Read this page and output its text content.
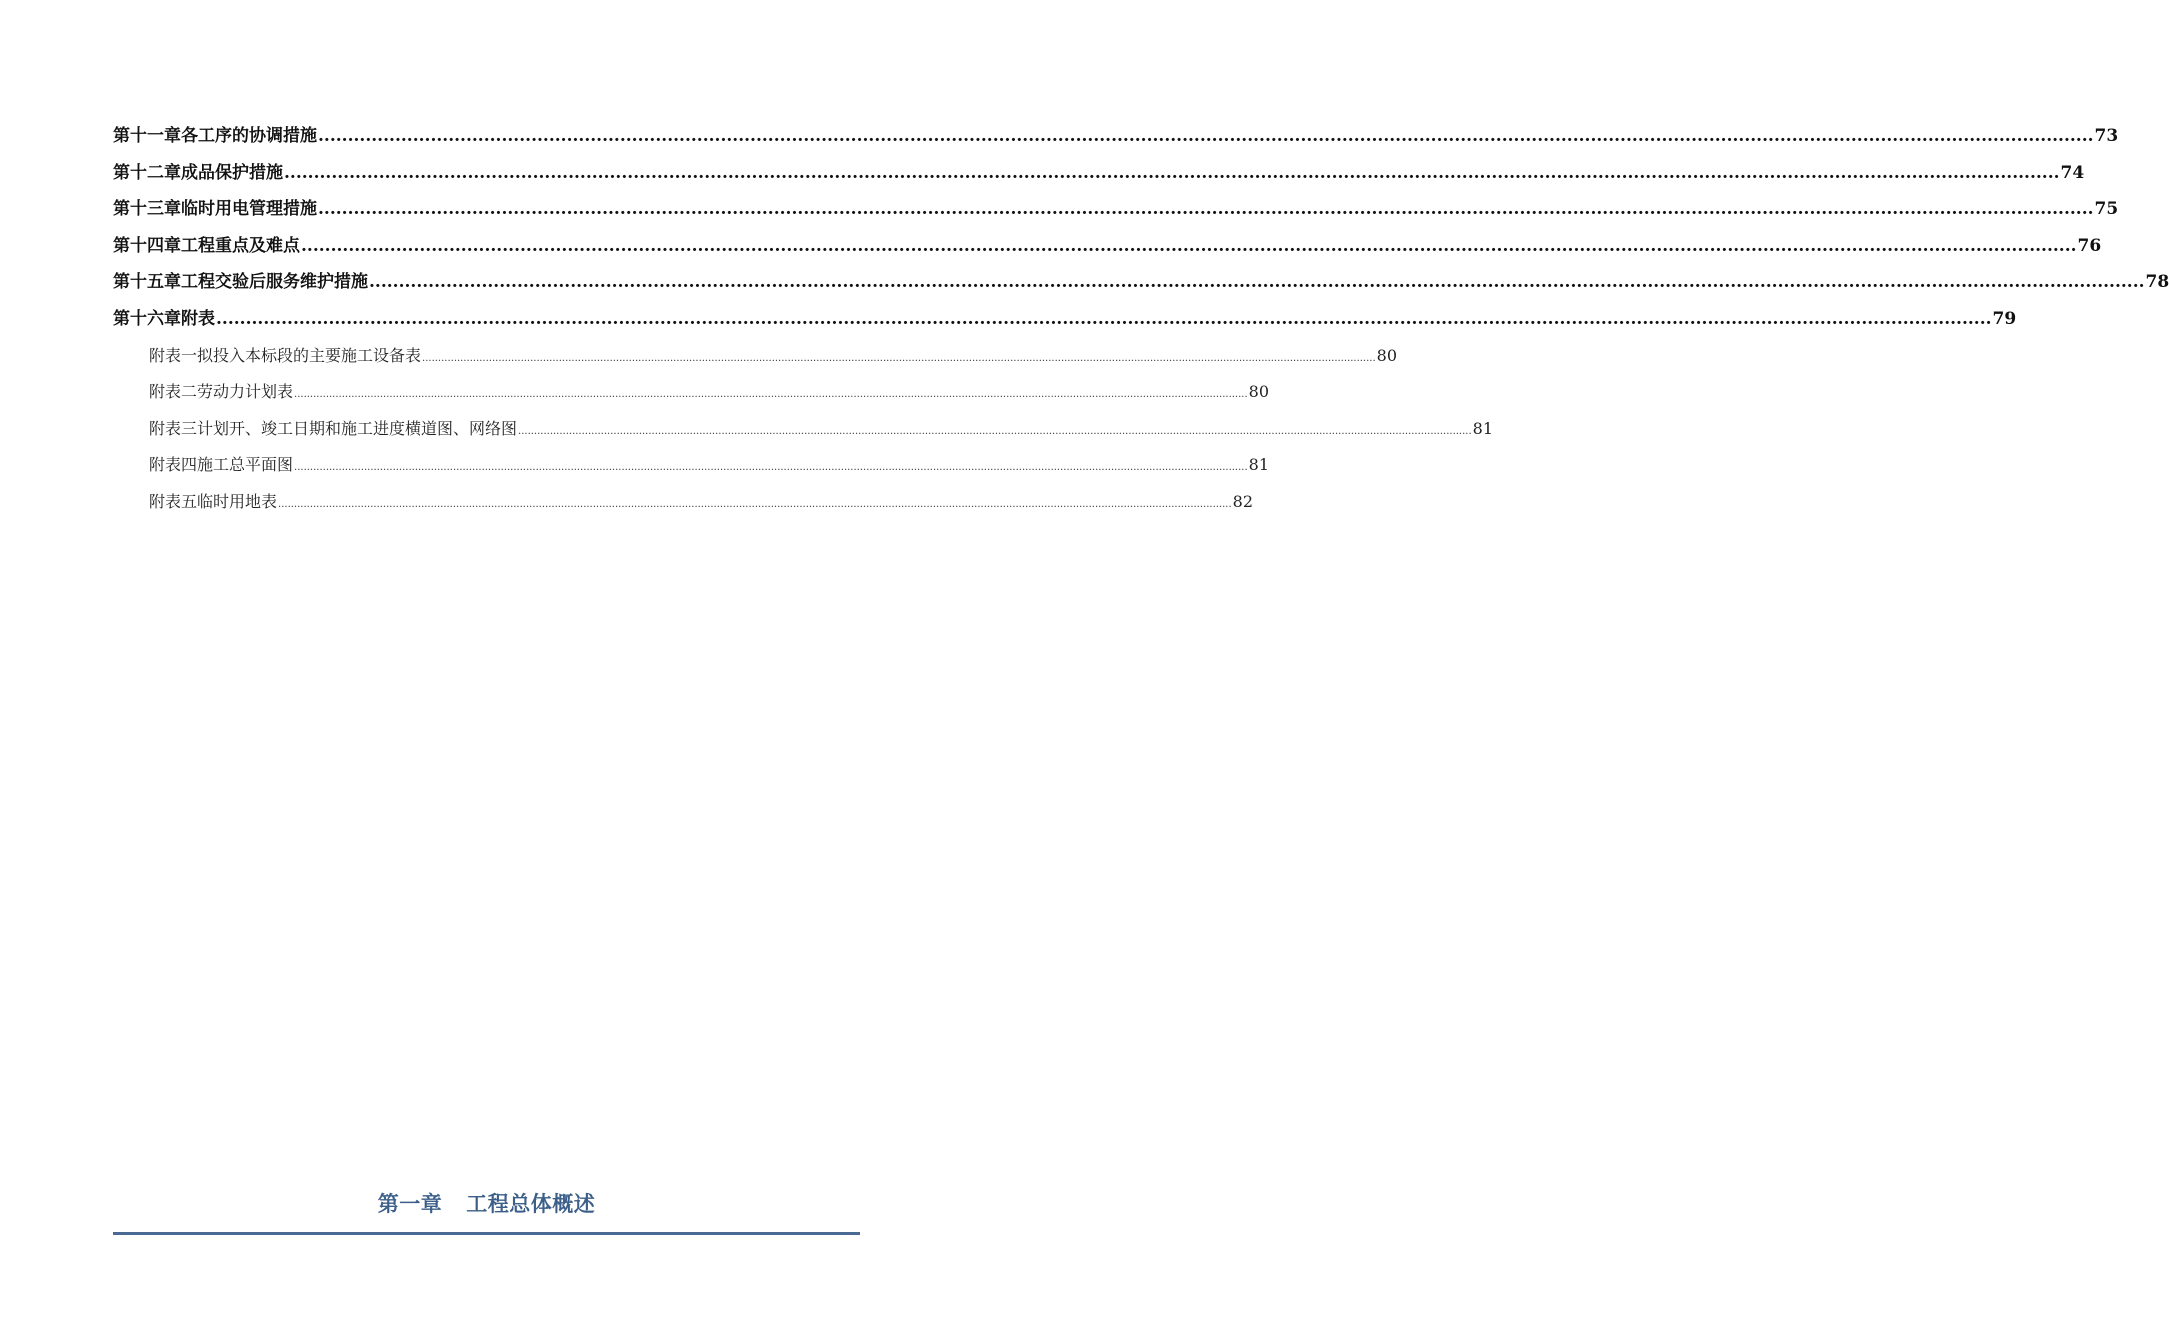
第十一章 各工序的协调措施 ............................................................................................................................................................................................................................................................................................................ 73
第十二章 成品保护措施 ............................................................................................................................................................................................................................................................................................................ 74
第十三章 临时用电管理措施 ............................................................................................................................................................................................................................................................................................................ 75
第十四章 工程重点及难点 ............................................................................................................................................................................................................................................................................................................ 76
第十五章 工程交验后服务维护措施 ............................................................................................................................................................................................................................................................................................................ 78
第十六章 附表 ............................................................................................................................................................................................................................................................................................................ 79
附表一 拟投入本标段的主要施工设备表 ............................................................................................................................................................................................................................................................................................................ 80
附表二 劳动力计划表 ............................................................................................................................................................................................................................................................................................................ 80
附表三 计划开、竣工日期和施工进度横道图、网络图 ............................................................................................................................................................................................................................................................................................................ 81
附表四 施工总平面图 ............................................................................................................................................................................................................................................................................................................ 81
附表五 临时用地表 ............................................................................................................................................................................................................................................................................................................ 82
第一章 工程总体概述
